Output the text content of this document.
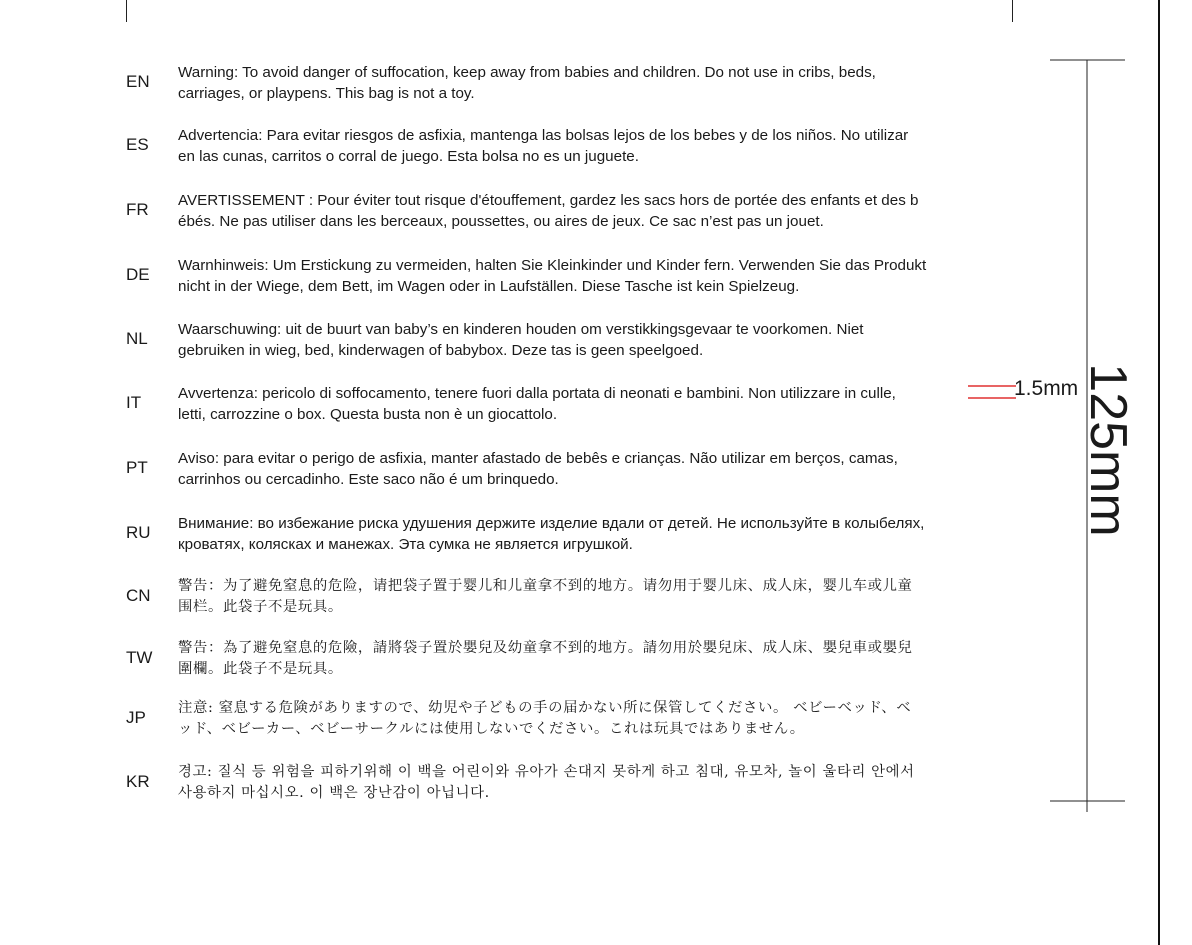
EN	Warning: To avoid danger of suffocation, keep away from babies and children. Do not use in cribs, beds,
carriages, or playpens. This bag is not a toy.
ES	Advertencia: Para evitar riesgos de asfixia, mantenga las bolsas lejos de los bebes y de los niños. No utilizar
en las cunas, carritos o corral de juego. Esta bolsa no es un juguete.
FR	AVERTISSEMENT : Pour éviter tout risque d'étouffement, gardez les sacs hors de portée des enfants et des b
ébés. Ne pas utiliser dans les berceaux, poussettes, ou aires de jeux. Ce sac n’est pas un jouet.
DE	Warnhinweis: Um Erstickung zu vermeiden, halten Sie Kleinkinder und Kinder fern. Verwenden Sie das Produkt
nicht in der Wiege, dem Bett, im Wagen oder in Laufställen. Diese Tasche ist kein Spielzeug.
NL	Waarschuwing: uit de buurt van baby’s en kinderen houden om verstikkingsgevaar te voorkomen. Niet
gebruiken in wieg, bed, kinderwagen of babybox. Deze tas is geen speelgoed.
IT	Avvertenza: pericolo di soffocamento, tenere fuori dalla portata di neonati e bambini. Non utilizzare in culle,
letti, carrozzine o box. Questa busta non è un giocattolo.
PT	Aviso: para evitar o perigo de asfixia, manter afastado de bebês e crianças. Não utilizar em berços, camas,
carrinhos ou cercadinho. Este saco não é um brinquedo.
RU	Внимание: во избежание риска удушения держите изделие вдали от детей. Не используйте в колыбелях,
кроватях, колясках и манежах. Эта сумка не является игрушкой.
CN	警告：为了避免窒息的危险，请把袋子置于婴儿和儿童拿不到的地方。请勿用于婴儿床、成人床，婴儿车或儿童
围栏。此袋子不是玩具。
TW 警告：為了避免窒息的危險，請將袋子置於嬰兒及幼童拿不到的地方。請勿用於嬰兒床、成人床、嬰兒車或嬰兒
圍欄。此袋子不是玩具。
JP	注意: 窒息する危険がありますので、幼児や子どもの手の届かない所に保管してください。 ベビーベッド、ベ
ッド、ベビーカー、ベビーサークルには使用しないでください。これは玩具ではありません。
KR	경고: 질식 등 위험을 피하기위해 이 백을 어린이와 유아가 손대지 못하게 하고 침대, 유모차, 놀이 울타리 안에서
사용하지 마십시오. 이 백은 장난감이 아닙니다.
125mm
1.5mm
